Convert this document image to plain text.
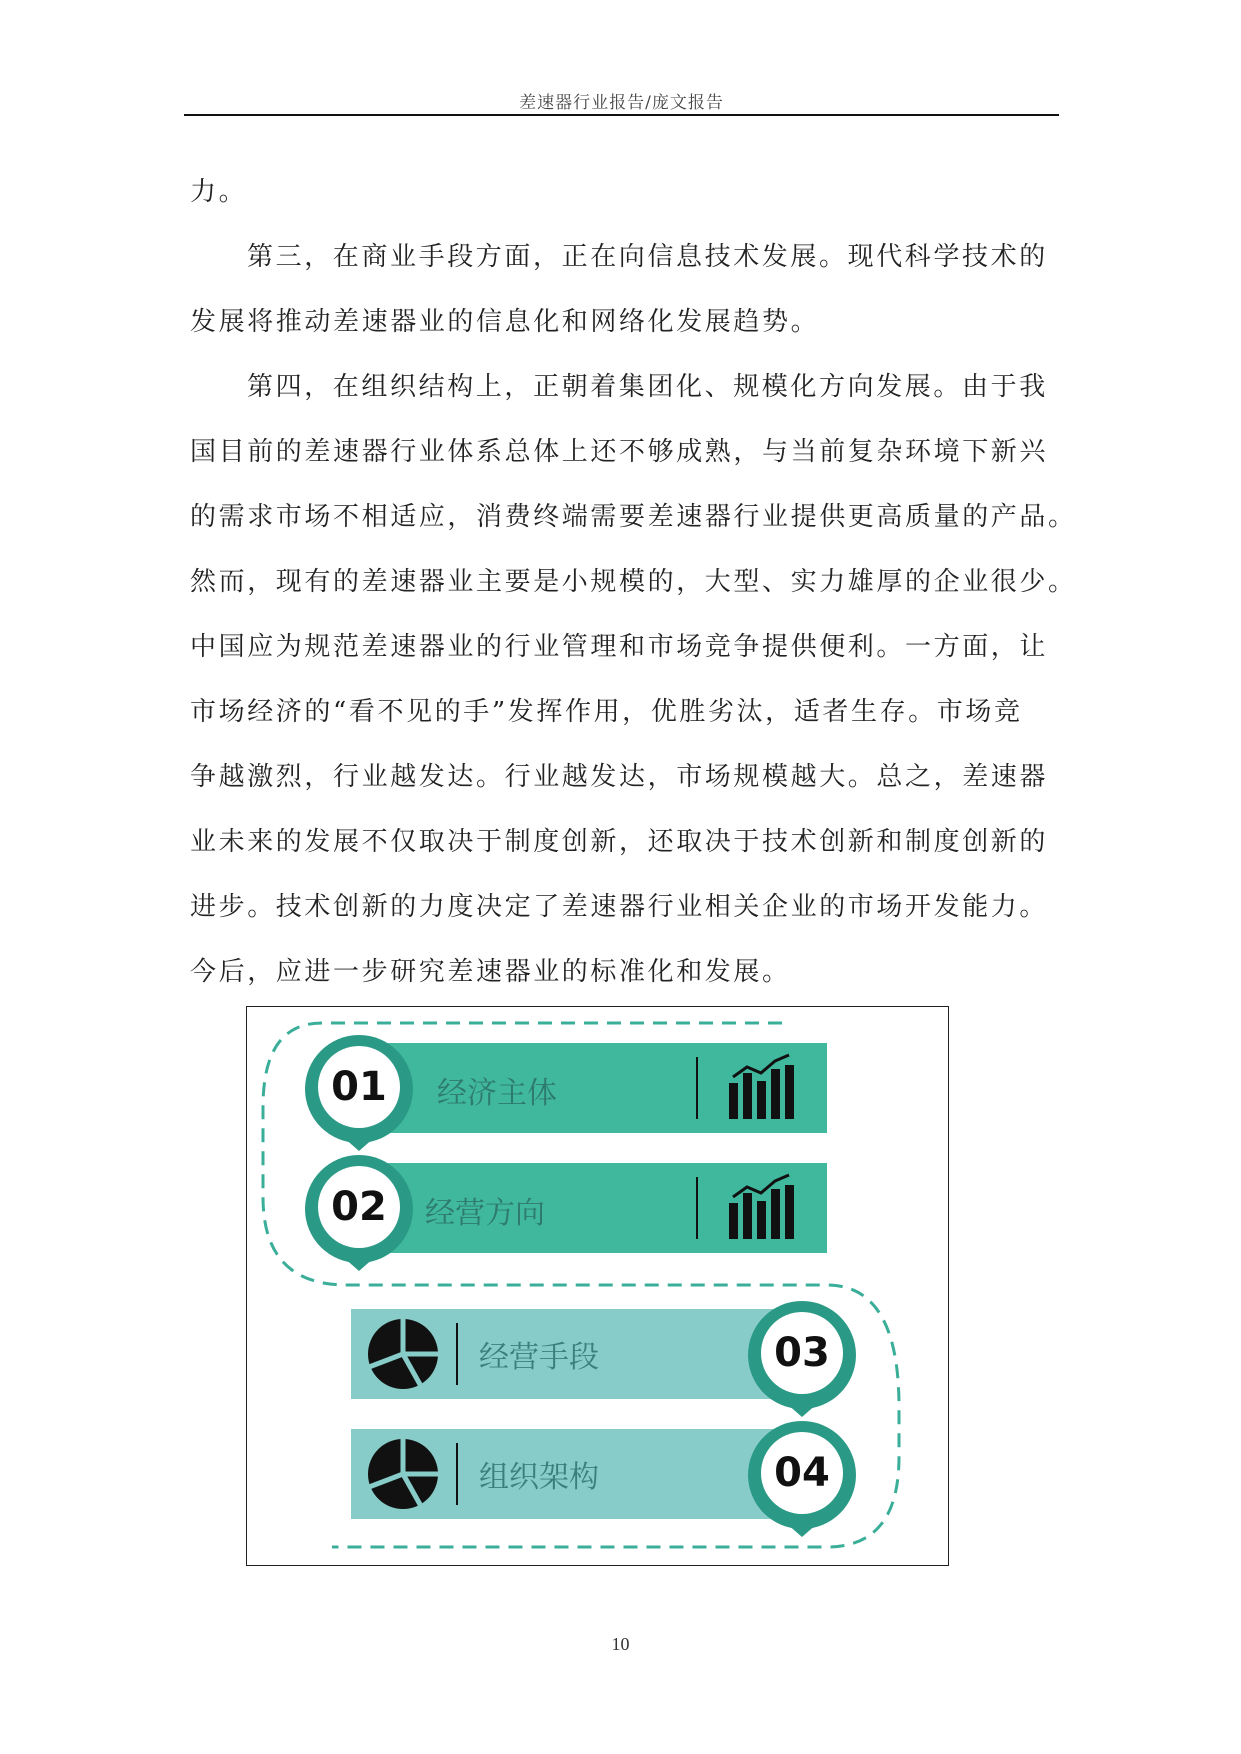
差速器行业报告/庞文报告
力。
第三，在商业手段方面，正在向信息技术发展。现代科学技术的
发展将推动差速器业的信息化和网络化发展趋势。
第四，在组织结构上，正朝着集团化、规模化方向发展。由于我
国目前的差速器行业体系总体上还不够成熟，与当前复杂环境下新兴
的需求市场不相适应，消费终端需要差速器行业提供更高质量的产品。
然而，现有的差速器业主要是小规模的，大型、实力雄厚的企业很少。
中国应为规范差速器业的行业管理和市场竞争提供便利。一方面，让
市场经济的“看不见的手”发挥作用，优胜劣汰，适者生存。市场竞
争越激烈，行业越发达。行业越发达，市场规模越大。总之，差速器
业未来的发展不仅取决于制度创新，还取决于技术创新和制度创新的
进步。技术创新的力度决定了差速器行业相关企业的市场开发能力。
今后，应进一步研究差速器业的标准化和发展。
01 经济主体
02 经营方向
03
经营手段
04
组织架构
10
